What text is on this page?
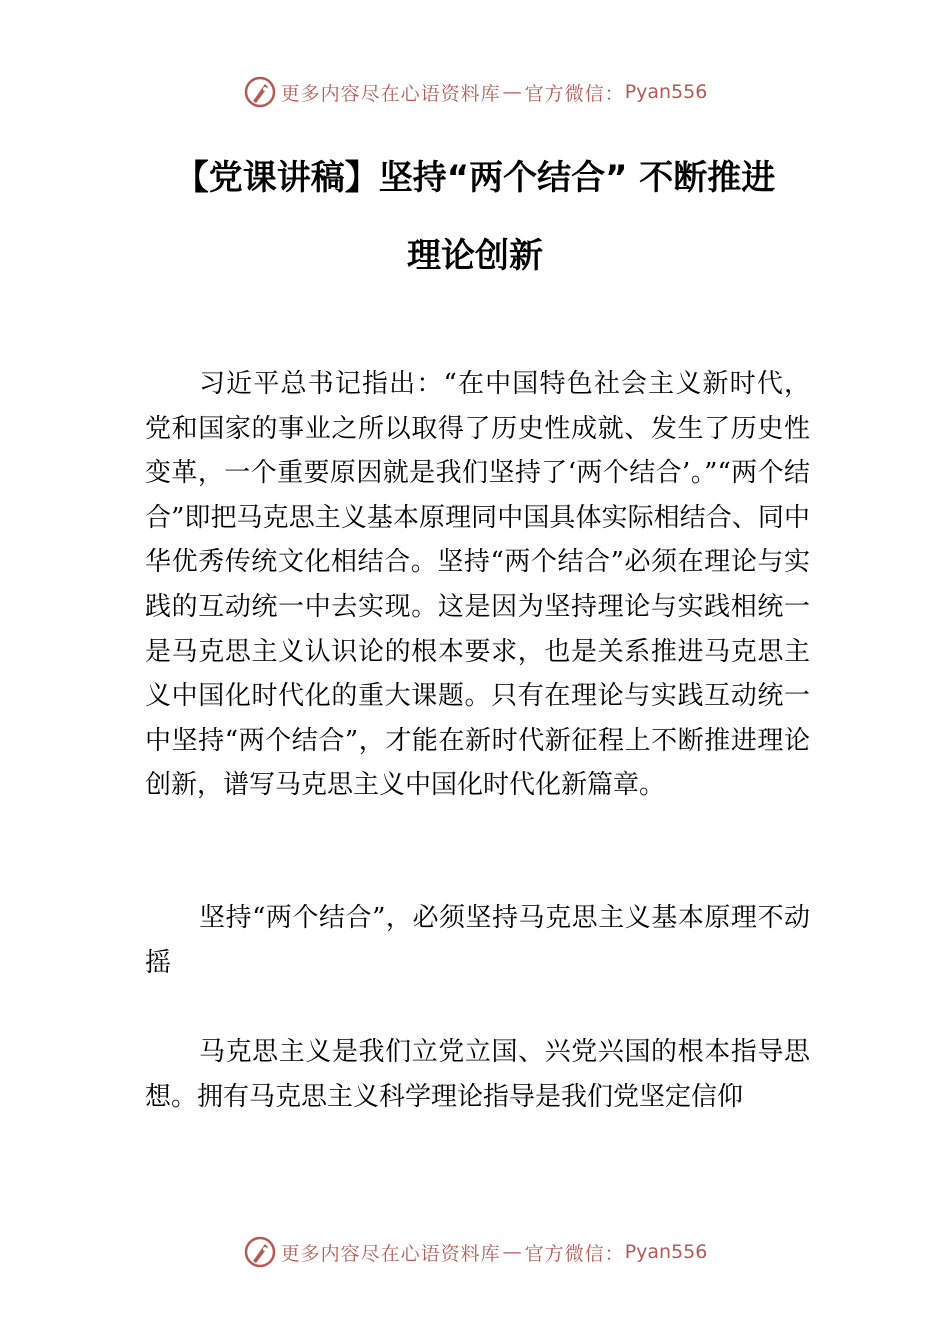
更多内容尽在心语资料库 — 官方微信： Pyan556
【党课讲稿】坚持“两个结合” 不断推进
理论创新

习近平总书记指出：“在中国特色社会主义新时代，党和国家的事业之所以取得了历史性成就、发生了历史性变革，一个重要原因就是我们坚持了‘两个结合’。”“两个结合”即把马克思主义基本原理同中国具体实际相结合、同中华优秀传统文化相结合。坚持“两个结合”必须在理论与实践的互动统一中去实现。这是因为坚持理论与实践相统一是马克思主义认识论的根本要求，也是关系推进马克思主义中国化时代化的重大课题。只有在理论与实践互动统一中坚持“两个结合”，才能在新时代新征程上不断推进理论创新，谱写马克思主义中国化时代化新篇章。

坚持“两个结合”，必须坚持马克思主义基本原理不动摇

马克思主义是我们立党立国、兴党兴国的根本指导思想。拥有马克思主义科学理论指导是我们党坚定信仰

更多内容尽在心语资料库 — 官方微信： Pyan556
